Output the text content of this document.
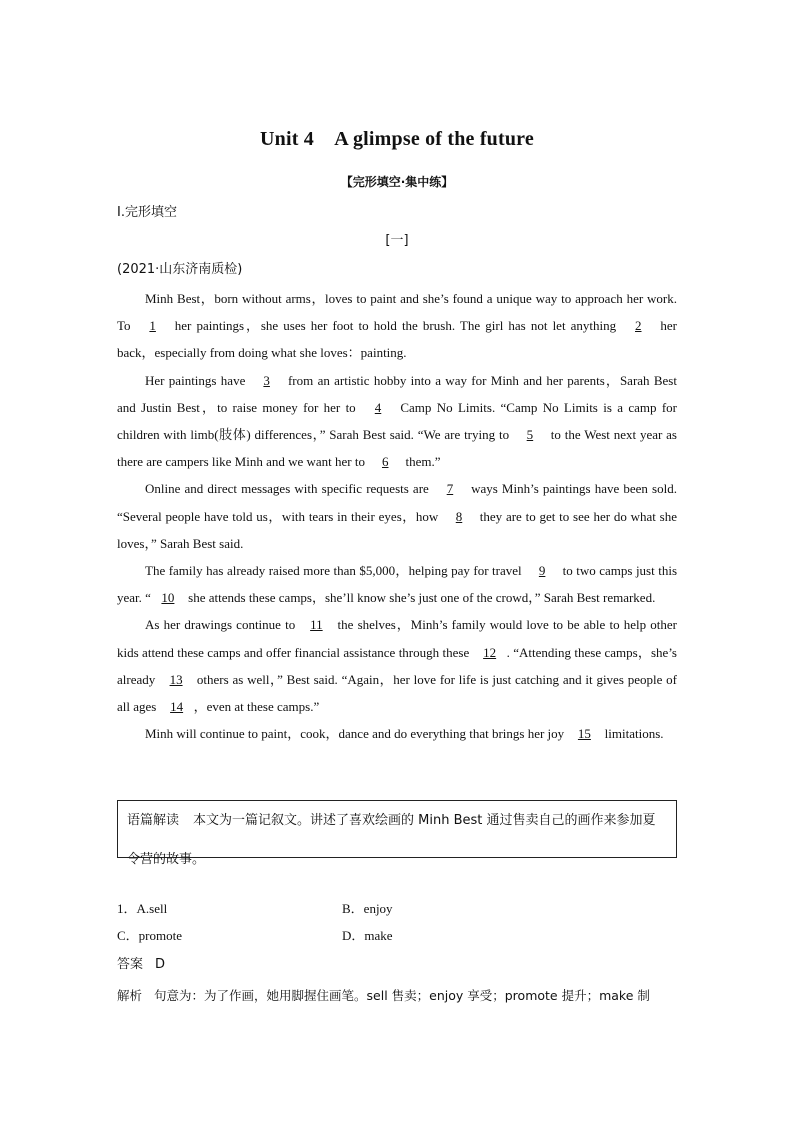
Unit 4　A glimpse of the future
【完形填空·集中练】
Ⅰ.完形填空
[一]
(2021·山东济南质检)

Minh Best，born without arms，loves to paint and she’s found a unique way to approach her work. To 1 her paintings，she uses her foot to hold the brush. The girl has not let anything 2 her back，especially from doing what she loves：painting.

Her paintings have 3 from an artistic hobby into a way for Minh and her parents，Sarah Best and Justin Best，to raise money for her to 4 Camp No Limits. “Camp No Limits is a camp for children with limb(肢体) differences，” Sarah Best said. “We are trying to 5 to the West next year as there are campers like Minh and we want her to 6 them.”

Online and direct messages with specific requests are 7 ways Minh’s paintings have been sold. “Several people have told us，with tears in their eyes，how 8 they are to get to see her do what she loves，” Sarah Best said.

The family has already raised more than $5,000，helping pay for travel 9 to two camps just this year. “ 10 she attends these camps，she’ll know she’s just one of the crowd，” Sarah Best remarked.

As her drawings continue to 11 the shelves，Minh’s family would love to be able to help other kids attend these camps and offer financial assistance through these 12 . “Attending these camps，she’s already 13 others as well，” Best said. “Again，her love for life is just catching and it gives people of all ages 14 ，even at these camps.”

Minh will continue to paint，cook，dance and do everything that brings her joy 15 limitations.

语篇解读 本文为一篇记叙文。讲述了喜欢绘画的 Minh Best 通过售卖自己的画作来参加夏令营的故事。
1．A.sell	B．enjoy
C．promote	D．make
答案 D
解析 句意为：为了作画，她用脚握住画笔。sell 售卖；enjoy 享受；promote 提升；make 制
